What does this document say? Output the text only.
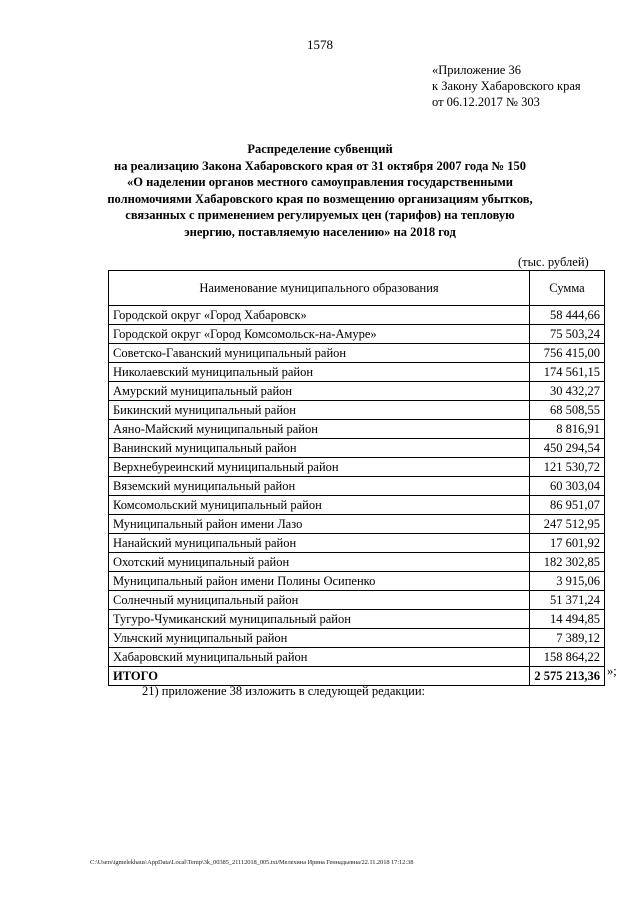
1578
«Приложение 36
к Закону Хабаровского края
от 06.12.2017 № 303
Распределение субвенций
на реализацию Закона Хабаровского края от 31 октября 2007 года № 150
«О наделении органов местного самоуправления государственными
полномочиями Хабаровского края по возмещению организациям убытков,
связанных с применением регулируемых цен (тарифов) на тепловую
энергию, поставляемую населению» на 2018 год
(тыс. рублей)
Наименование муниципального образования	Сумма
Городской округ «Город Хабаровск»	58 444,66
Городской округ «Город Комсомольск-на-Амуре»	75 503,24
Советско-Гаванский муниципальный район	756 415,00
Николаевский муниципальный район	174 561,15
Амурский муниципальный район	30 432,27
Бикинский муниципальный район	68 508,55
Аяно-Майский муниципальный район	8 816,91
Ванинский муниципальный район	450 294,54
Верхнебуреинский муниципальный район	121 530,72
Вяземский муниципальный район	60 303,04
Комсомольский муниципальный район	86 951,07
Муниципальный район имени Лазо	247 512,95
Нанайский муниципальный район	17 601,92
Охотский муниципальный район	182 302,85
Муниципальный район имени Полины Осипенко	3 915,06
Солнечный муниципальный район	51 371,24
Тугуро-Чумиканский муниципальный район	14 494,85
Ульчский муниципальный район	7 389,12
Хабаровский муниципальный район	158 864,22
ИТОГО	2 575 213,36 »;
21) приложение 38 изложить в следующей редакции:
C:\Users\igmelekhaus\AppData\Local\Temp\3k_00385_21112018_005.txt/Мелехина Ирина Геннадьевна/22.11.2018 17:12:38
